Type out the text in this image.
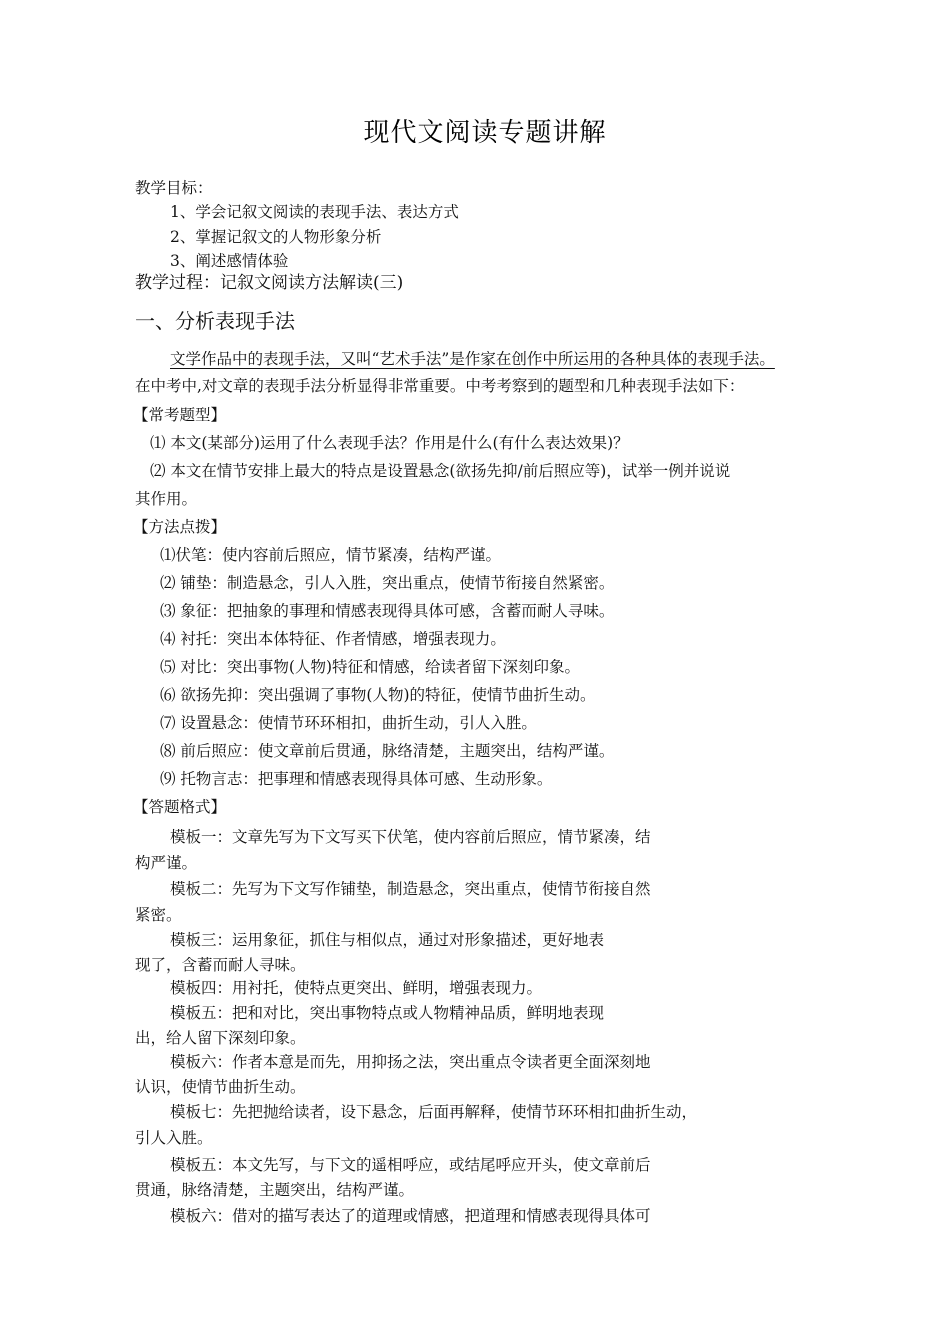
现代文阅读专题讲解
教学目标：
1、学会记叙文阅读的表现手法、表达方式
2、掌握记叙文的人物形象分析
3、阐述感情体验
教学过程：记叙文阅读方法解读(三)
一、分析表现手法
文学作品中的表现手法，又叫“艺术手法”是作家在创作中所运用的各种具体的表现手法。
在中考中,对文章的表现手法分析显得非常重要。中考考察到的题型和几种表现手法如下：
【常考题型】
⑴ 本文(某部分)运用了什么表现手法？作用是什么(有什么表达效果)？
⑵ 本文在情节安排上最大的特点是设置悬念(欲扬先抑/前后照应等)，试举一例并说说
其作用。
【方法点拨】
⑴伏笔：使内容前后照应，情节紧凑，结构严谨。
⑵ 铺垫：制造悬念，引人入胜，突出重点，使情节衔接自然紧密。
⑶ 象征：把抽象的事理和情感表现得具体可感，含蓄而耐人寻味。
⑷ 衬托：突出本体特征、作者情感，增强表现力。
⑸ 对比：突出事物(人物)特征和情感，给读者留下深刻印象。
⑹ 欲扬先抑：突出强调了事物(人物)的特征，使情节曲折生动。
⑺ 设置悬念：使情节环环相扣，曲折生动，引人入胜。
⑻ 前后照应：使文章前后贯通，脉络清楚，主题突出，结构严谨。
⑼ 托物言志：把事理和情感表现得具体可感、生动形象。
【答题格式】
模板一：文章先写为下文写买下伏笔，使内容前后照应，情节紧凑，结
构严谨。
模板二：先写为下文写作铺垫，制造悬念，突出重点，使情节衔接自然
紧密。
模板三：运用象征，抓住与相似点，通过对形象描述，更好地表
现了，含蓄而耐人寻味。
模板四：用衬托，使特点更突出、鲜明，增强表现力。
模板五：把和对比，突出事物特点或人物精神品质，鲜明地表现
出，给人留下深刻印象。
模板六：作者本意是而先，用抑扬之法，突出重点令读者更全面深刻地
认识，使情节曲折生动。
模板七：先把抛给读者，设下悬念，后面再解释，使情节环环相扣曲折生动，
引人入胜。
模板五：本文先写，与下文的遥相呼应，或结尾呼应开头，使文章前后
贯通，脉络清楚，主题突出，结构严谨。
模板六：借对的描写表达了的道理或情感，把道理和情感表现得具体可
